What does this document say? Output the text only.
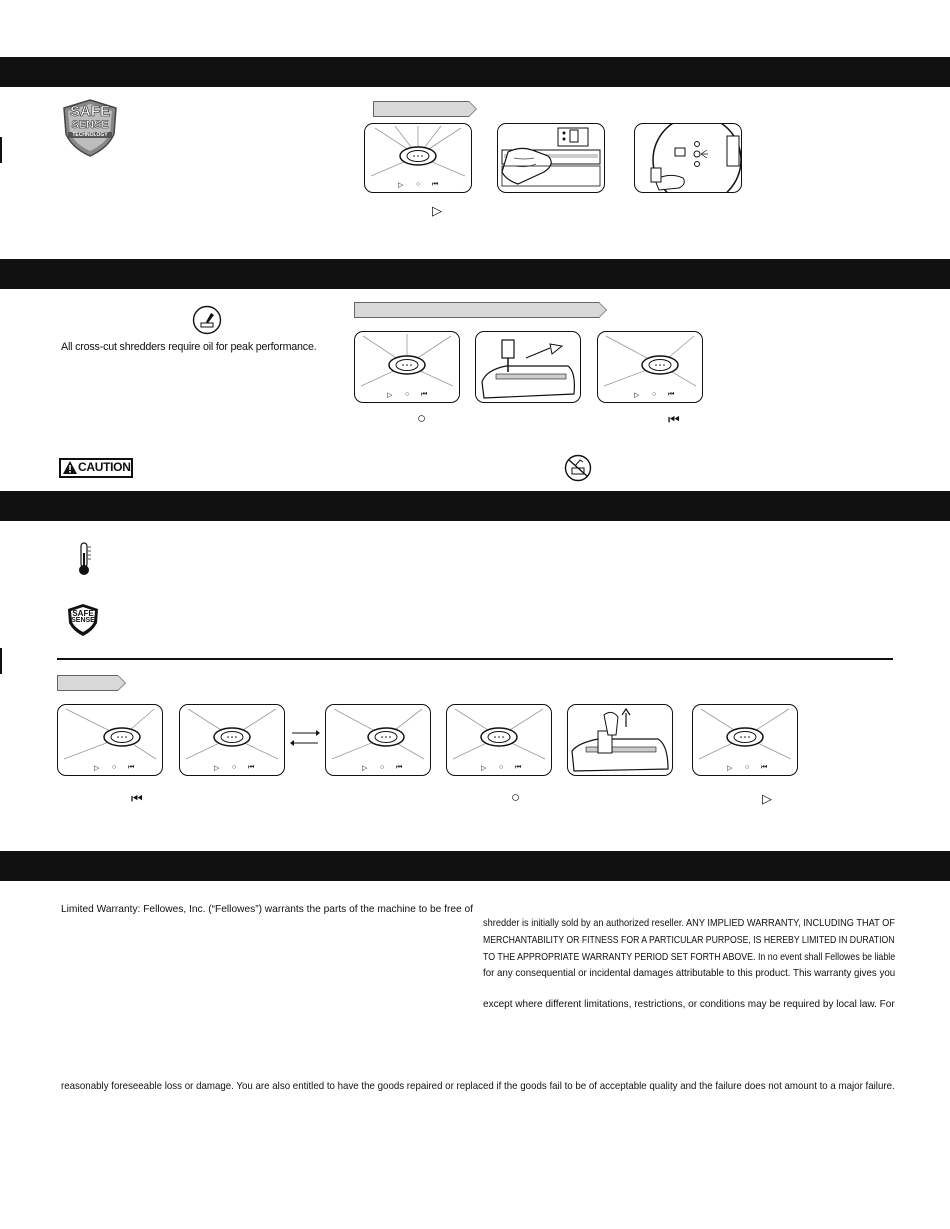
SAFE
SENSE
TECHNOLOGY
▷ ○ ⏮
▷
All cross-cut shredders require oil for peak performance.
▷ ○ ⏮	▷ ○ ⏮
○	⏮
CAUTION
SAFE
SENSE
▷ ○ ⏮	▷ ○ ⏮	▷ ○ ⏮	▷ ○ ⏮	▷ ○ ⏮
⏮	○	▷
Limited Warranty: Fellowes, Inc. (“Fellowes”) warrants the parts of the machine to be free of
shredder is initially sold by an authorized reseller. ANY IMPLIED WARRANTY, INCLUDING THAT OF
MERCHANTABILITY OR FITNESS FOR A PARTICULAR PURPOSE, IS HEREBY LIMITED IN DURATION
TO THE APPROPRIATE WARRANTY PERIOD SET FORTH ABOVE. In no event shall Fellowes be liable
for any consequential or incidental damages attributable to this product. This warranty gives you
except where different limitations, restrictions, or conditions may be required by local law. For
reasonably foreseeable loss or damage. You are also entitled to have the goods repaired or replaced if the goods fail to be of acceptable quality and the failure does not amount to a major failure.
